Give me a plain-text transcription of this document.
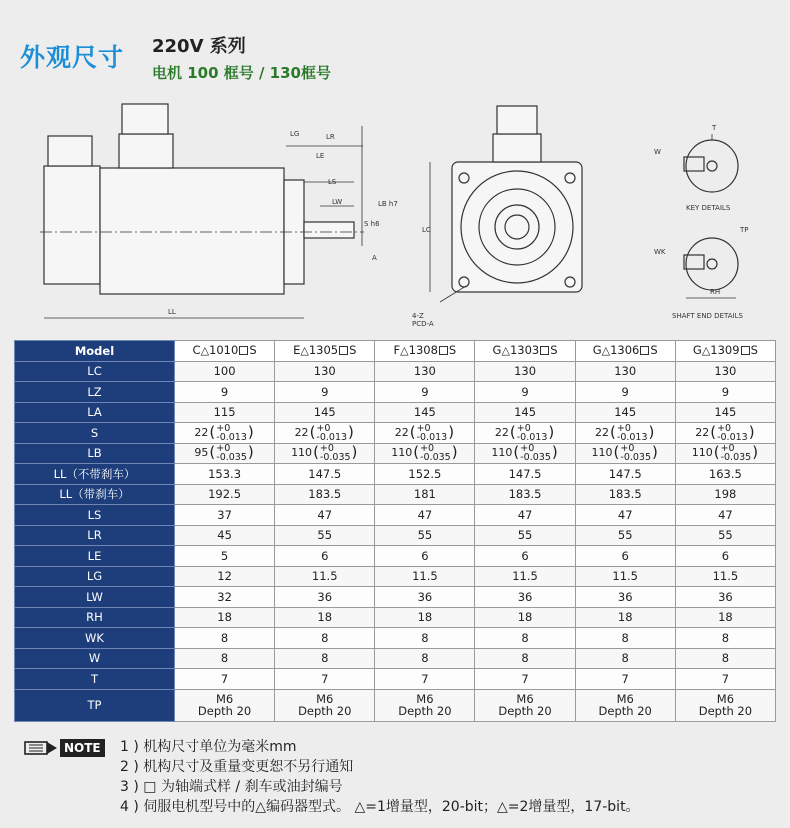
外观尺寸 220V 系列
电机 100 框号 / 130框号
LG	LR
LE
LS
LW
S h6
LB h7
A
LL
LC
4-Z PCD-A
T
W
WK
TP
RH
KEY DETAILS
SHAFT END DETAILS
Model	C△1010 S	E△1305 S	F△1308 S	G△1303 S	G△1306 S	G△1309 S
LC	100	130	130	130	130	130
LZ	9	9	9	9	9	9
LA	115	145	145	145	145	145
S	22 ( +0
-0.013 )	22 ( +0
-0.013 )	22 ( +0
-0.013 )	22 ( +0
-0.013 )	22 ( +0
-0.013 )	22 ( +0
-0.013 )

LB	95 ( +0
-0.035 )	110 ( +0
-0.035 )	110 ( +0
-0.035 )	110 ( +0
-0.035 )	110 ( +0
-0.035 )	110 ( +0
-0.035 )

LL（不带刹车）	153.3	147.5	152.5	147.5	147.5	163.5
LL（带刹车）	192.5	183.5	181	183.5	183.5	198
LS	37	47	47	47	47	47
LR	45	55	55	55	55	55
LE	5	6	6	6	6	6
LG	12	11.5	11.5	11.5	11.5	11.5
LW	32	36	36	36	36	36
RH	18	18	18	18	18	18
WK	8	8	8	8	8	8
W	8	8	8	8	8	8
T	7	7	7	7	7	7
TP	M6
Depth 20	M6
Depth 20	M6
Depth 20	M6
Depth 20	M6
Depth 20	M6
Depth 20
NOTE 1 ) 机构尺寸单位为毫米mm
2 ) 机构尺寸及重量变更恕不另行通知
3 ) □ 为轴端式样 / 刹车或油封编号
4 ) 伺服电机型号中的△编码器型式。 △=1增量型，20-bit；△=2增量型，17-bit。
